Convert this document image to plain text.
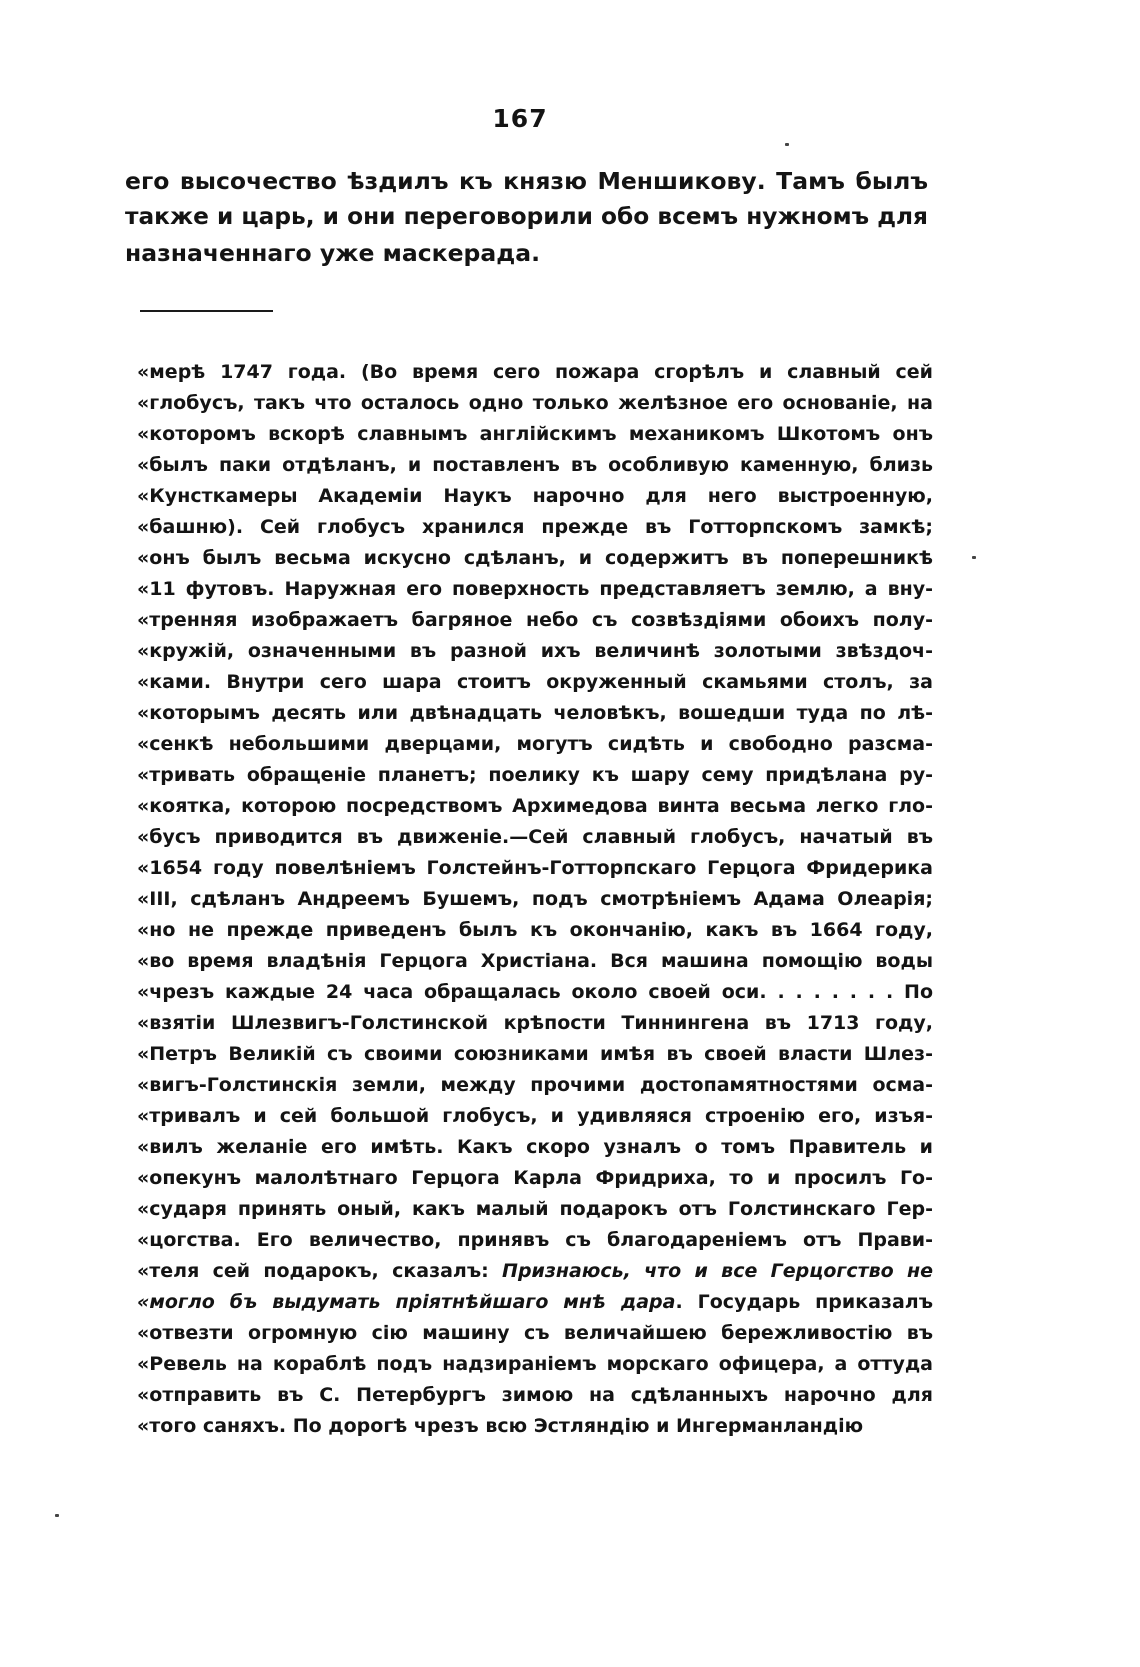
167

его высочество ѣздилъ къ князю Меншикову. Тамъ былъ
также и царь, и они переговорили обо всемъ нужномъ для
назначеннаго уже маскерада.

«мерѣ 1747 года. (Во время сего пожара сгорѣлъ и славный сей
«глобусъ, такъ что осталось одно только желѣзное его основаніе, на
«которомъ вскорѣ славнымъ англійскимъ механикомъ Шкотомъ онъ
«былъ паки отдѣланъ, и поставленъ въ особливую каменную, близь
«Кунсткамеры Академіи Наукъ нарочно для него выстроенную,
«башню). Сей глобусъ хранился прежде въ Готторпскомъ замкѣ;
«онъ былъ весьма искусно сдѣланъ, и содержитъ въ поперешникѣ
«11 футовъ. Наружная его поверхность представляетъ землю, а вну-
«тренняя изображаетъ багряное небо съ созвѣздіями обоихъ полу-
«кружій, означенными въ разной ихъ величинѣ золотыми звѣздоч-
«ками. Внутри сего шара стоитъ окруженный скамьями столъ, за
«которымъ десять или двѣнадцать человѣкъ, вошедши туда по лѣ-
«сенкѣ небольшими дверцами, могутъ сидѣть и свободно разсма-
«тривать обращеніе планетъ; поелику къ шару сему придѣлана ру-
«коятка, которою посредствомъ Архимедова винта весьма легко гло-
«бусъ приводится въ движеніе.—Сей славный глобусъ, начатый въ
«1654 году повелѣніемъ Голстейнъ-Готторпскаго Герцога Фридерика
«III, сдѣланъ Андреемъ Бушемъ, подъ смотрѣніемъ Адама Олеарія;
«но не прежде приведенъ былъ къ окончанію, какъ въ 1664 году,
«во время владѣнія Герцога Христіана. Вся машина помощію воды
«чрезъ каждые 24 часа обращалась около своей оси. . . . . . . . По
«взятіи Шлезвигъ-Голстинской крѣпости Тиннингена въ 1713 году,
«Петръ Великій съ своими союзниками имѣя въ своей власти Шлез-
«вигъ-Голстинскія земли, между прочими достопамятностями осма-
«тривалъ и сей большой глобусъ, и удивляяся строенію его, изъя-
«вилъ желаніе его имѣть. Какъ скоро узналъ о томъ Правитель и
«опекунъ малолѣтнаго Герцога Карла Фридриха, то и просилъ Го-
«сударя принять оный, какъ малый подарокъ отъ Голстинскаго Гер-
«цогства. Его величество, принявъ съ благодареніемъ отъ Прави-
«теля сей подарокъ, сказалъ: Признаюсь, что и все Герцогство не
«могло бъ выдумать пріятнѣйшаго мнѣ дара. Государь приказалъ
«отвезти огромную сію машину съ величайшею бережливостію въ
«Ревель на кораблѣ подъ надзираніемъ морскаго офицера, а оттуда
«отправить въ С. Петербургъ зимою на сдѣланныхъ нарочно для
«того саняхъ. По дорогѣ чрезъ всю Эстляндію и Ингерманландію
